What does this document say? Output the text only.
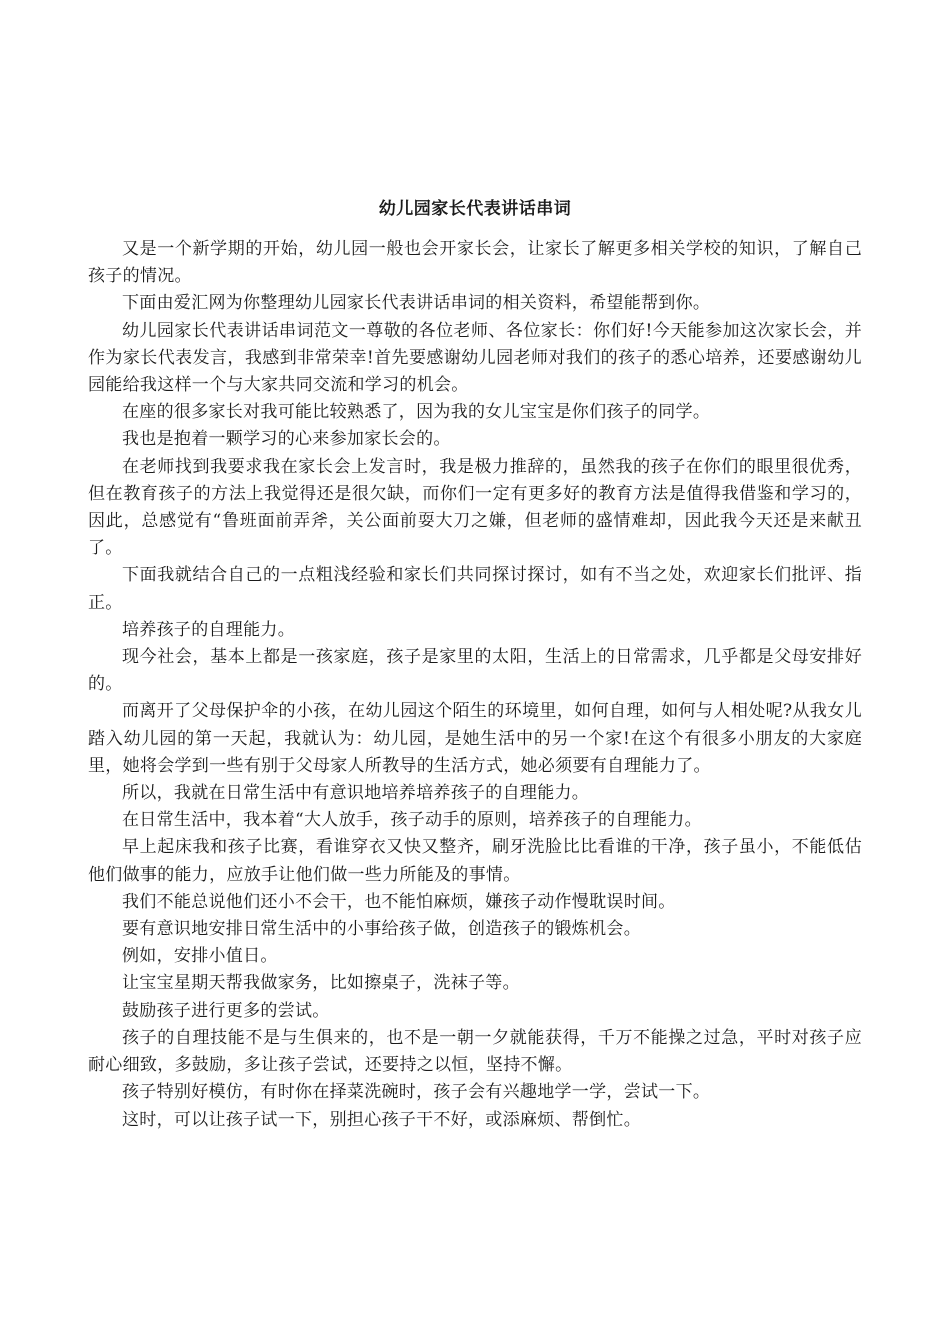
幼儿园家长代表讲话串词

又是一个新学期的开始，幼儿园一般也会开家长会，让家长了解更多相关学校的知识，了解自己孩子的情况。

下面由爱汇网为你整理幼儿园家长代表讲话串词的相关资料，希望能帮到你。

幼儿园家长代表讲话串词范文一尊敬的各位老师、各位家长：你们好!今天能参加这次家长会，并作为家长代表发言，我感到非常荣幸!首先要感谢幼儿园老师对我们的孩子的悉心培养，还要感谢幼儿园能给我这样一个与大家共同交流和学习的机会。

在座的很多家长对我可能比较熟悉了，因为我的女儿宝宝是你们孩子的同学。

我也是抱着一颗学习的心来参加家长会的。

在老师找到我要求我在家长会上发言时，我是极力推辞的，虽然我的孩子在你们的眼里很优秀，但在教育孩子的方法上我觉得还是很欠缺，而你们一定有更多好的教育方法是值得我借鉴和学习的，因此，总感觉有“鲁班面前弄斧，关公面前耍大刀之嫌，但老师的盛情难却，因此我今天还是来献丑了。

下面我就结合自己的一点粗浅经验和家长们共同探讨探讨，如有不当之处，欢迎家长们批评、指正。

培养孩子的自理能力。

现今社会，基本上都是一孩家庭，孩子是家里的太阳，生活上的日常需求，几乎都是父母安排好的。

而离开了父母保护伞的小孩，在幼儿园这个陌生的环境里，如何自理，如何与人相处呢?从我女儿踏入幼儿园的第一天起，我就认为：幼儿园，是她生活中的另一个家!在这个有很多小朋友的大家庭里，她将会学到一些有别于父母家人所教导的生活方式，她必须要有自理能力了。

所以，我就在日常生活中有意识地培养培养孩子的自理能力。

在日常生活中，我本着“大人放手，孩子动手的原则，培养孩子的自理能力。

早上起床我和孩子比赛，看谁穿衣又快又整齐，刷牙洗脸比比看谁的干净，孩子虽小，不能低估他们做事的能力，应放手让他们做一些力所能及的事情。

我们不能总说他们还小不会干，也不能怕麻烦，嫌孩子动作慢耽误时间。

要有意识地安排日常生活中的小事给孩子做，创造孩子的锻炼机会。

例如，安排小值日。

让宝宝星期天帮我做家务，比如擦桌子，洗袜子等。

鼓励孩子进行更多的尝试。

孩子的自理技能不是与生俱来的，也不是一朝一夕就能获得，千万不能操之过急，平时对孩子应耐心细致，多鼓励，多让孩子尝试，还要持之以恒，坚持不懈。

孩子特别好模仿，有时你在择菜洗碗时，孩子会有兴趣地学一学，尝试一下。

这时，可以让孩子试一下，别担心孩子干不好，或添麻烦、帮倒忙。
